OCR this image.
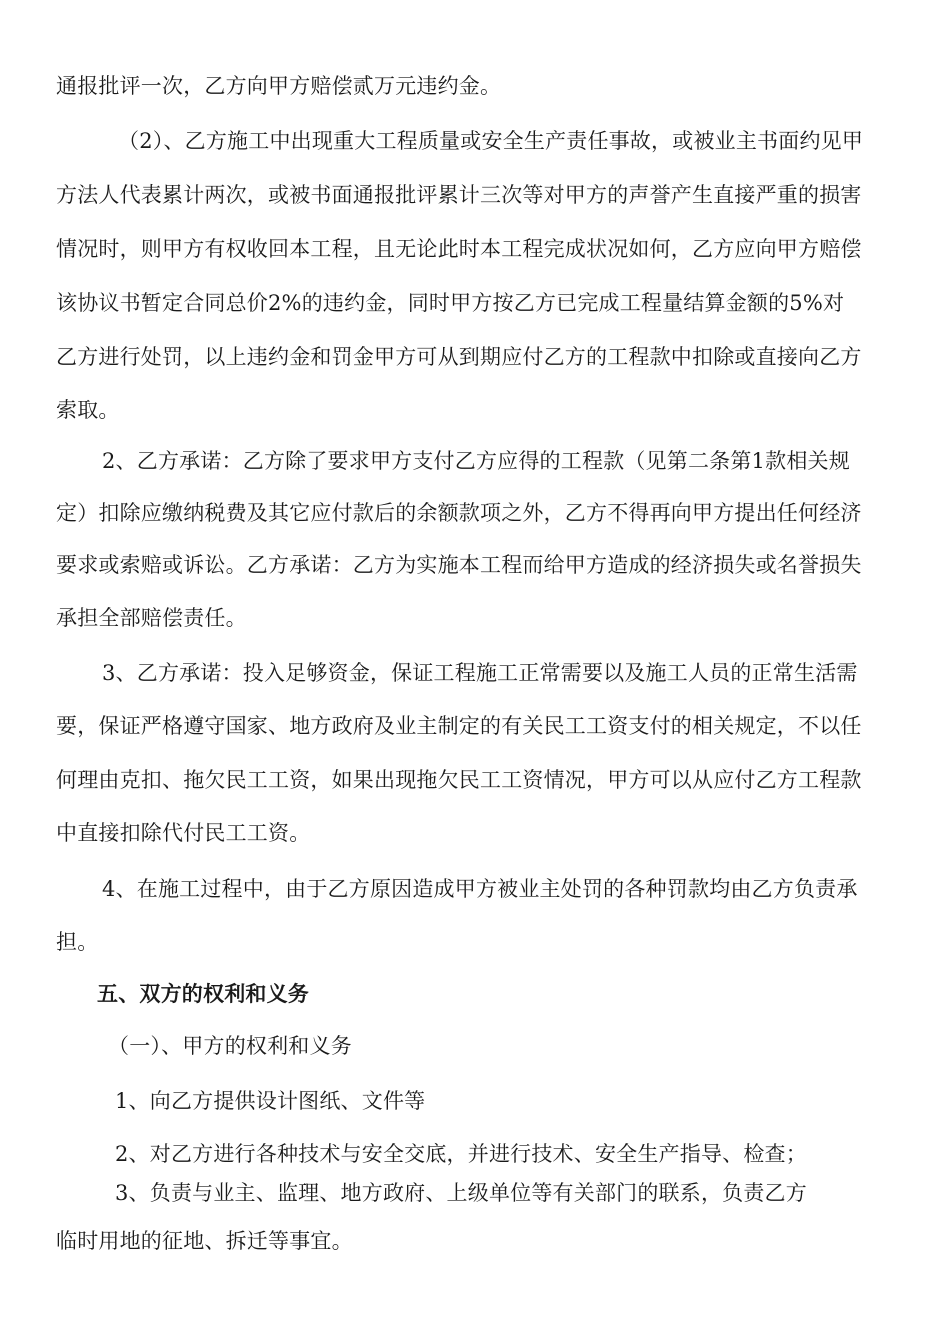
通报批评一次，乙方向甲方赔偿贰万元违约金。
（2）、乙方施工中出现重大工程质量或安全生产责任事故，或被业主书面约见甲
方法人代表累计两次，或被书面通报批评累计三次等对甲方的声誉产生直接严重的损害
情况时，则甲方有权收回本工程，且无论此时本工程完成状况如何，乙方应向甲方赔偿
该协议书暂定合同总价2%的违约金，同时甲方按乙方已完成工程量结算金额的5%对
乙方进行处罚，以上违约金和罚金甲方可从到期应付乙方的工程款中扣除或直接向乙方
索取。
2、乙方承诺：乙方除了要求甲方支付乙方应得的工程款（见第二条第1款相关规
定）扣除应缴纳税费及其它应付款后的余额款项之外，乙方不得再向甲方提出任何经济
要求或索赔或诉讼。乙方承诺：乙方为实施本工程而给甲方造成的经济损失或名誉损失
承担全部赔偿责任。
3、乙方承诺：投入足够资金，保证工程施工正常需要以及施工人员的正常生活需
要，保证严格遵守国家、地方政府及业主制定的有关民工工资支付的相关规定，不以任
何理由克扣、拖欠民工工资，如果出现拖欠民工工资情况，甲方可以从应付乙方工程款
中直接扣除代付民工工资。
4、在施工过程中，由于乙方原因造成甲方被业主处罚的各种罚款均由乙方负责承
担。
五、双方的权利和义务
（一）、甲方的权利和义务
1、向乙方提供设计图纸、文件等
2、对乙方进行各种技术与安全交底，并进行技术、安全生产指导、检查；
3、负责与业主、监理、地方政府、上级单位等有关部门的联系，负责乙方
临时用地的征地、拆迁等事宜。
